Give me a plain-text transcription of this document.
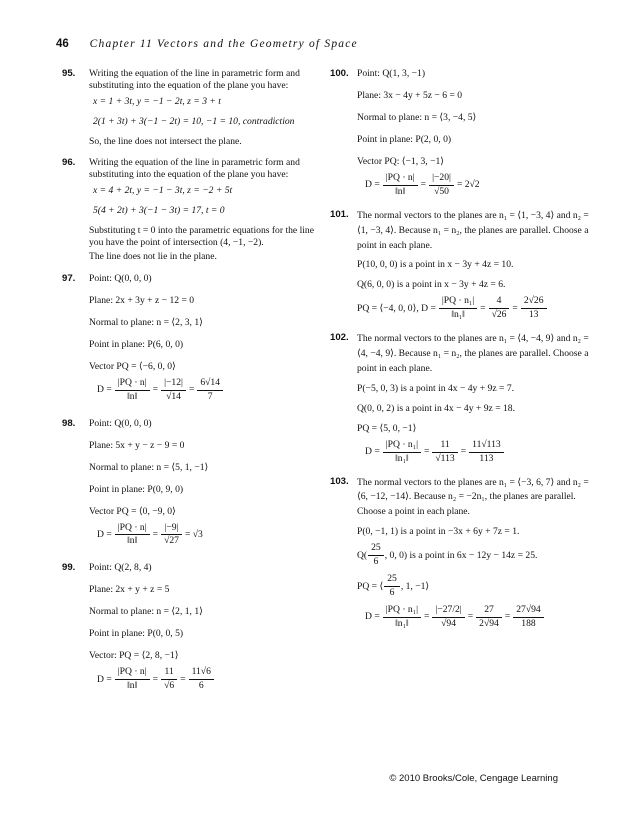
46 Chapter 11 Vectors and the Geometry of Space
95. Writing the equation of the line in parametric form and substituting into the equation of the plane you have:
x = 1 + 3t, y = −1 − 2t, z = 3 + t
2(1 + 3t) + 3(−1 − 2t) = 10, −1 = 10, contradiction
So, the line does not intersect the plane.
96. Writing the equation of the line in parametric form and substituting into the equation of the plane you have:
x = 4 + 2t, y = −1 − 3t, z = −2 + 5t
5(4 + 2t) + 3(−1 − 3t) = 17, t = 0
Substituting t = 0 into the parametric equations for the line you have the point of intersection (4, −1, −2).
The line does not lie in the plane.
97. Point: Q(0, 0, 0)
Plane: 2x + 3y + z − 12 = 0
Normal to plane: n = ⟨2, 3, 1⟩
Point in plane: P(6, 0, 0)
Vector PQ = ⟨−6, 0, 0⟩
$D = \frac{|PQ \cdot n|}{‖n‖} = \frac{|-12|}{√14} = \frac{6√14}{7}$
98. Point: Q(0, 0, 0)
Plane: 5x + y − z − 9 = 0
Normal to plane: n = ⟨5, 1, −1⟩
Point in plane: P(0, 9, 0)
Vector PQ = ⟨0, −9, 0⟩
$D = \frac{|PQ \cdot n|}{‖n‖} = \frac{|-9|}{√27} = √3$
99. Point: Q(2, 8, 4)
Plane: 2x + y + z = 5
Normal to plane: n = ⟨2, 1, 1⟩
Point in plane: P(0, 0, 5)
Vector: PQ = ⟨2, 8, −1⟩
$D = \frac{|PQ \cdot n|}{‖n‖} = \frac{11}{√6} = \frac{11√6}{6}$
100. Point: Q(1, 3, −1)
Plane: 3x − 4y + 5z − 6 = 0
Normal to plane: n = ⟨3, −4, 5⟩
Point in plane: P(2, 0, 0)
Vector PQ: ⟨−1, 3, −1⟩
$D = \frac{|PQ \cdot n|}{‖n‖} = \frac{|-20|}{√50} = 2√2$
101. The normal vectors to the planes are n₁ = ⟨1, −3, 4⟩ and n₂ = ⟨1, −3, 4⟩. Because n₁ = n₂, the planes are parallel. Choose a point in each plane.
P(10, 0, 0) is a point in x − 3y + 4z = 10.
Q(6, 0, 0) is a point in x − 3y + 4z = 6.
PQ = ⟨−4, 0, 0⟩, $D = \frac{\text{|PQ · n₁|}}{\text{‖n₁‖}} = \frac{4}{√26} = \frac{2√26}{13}$
102. The normal vectors to the planes are n₁ = ⟨4, −4, 9⟩ and n₂ = ⟨4, −4, 9⟩. Because n₁ = n₂, the planes are parallel. Choose a point in each plane.
P(−5, 0, 3) is a point in 4x − 4y + 9z = 7.
Q(0, 0, 2) is a point in 4x − 4y + 9z = 18.
PQ = ⟨5, 0, −1⟩
$D = \frac{\text{|PQ · n₁|}}{\text{‖n₁‖}} = \frac{11}{√113} = \frac{11√113}{113}$
103. The normal vectors to the planes are n₁ = ⟨−3, 6, 7⟩ and n₂ = ⟨6, −12, −14⟩. Because n₂ = −2n₁, the planes are parallel. Choose a point in each plane.
P(0, −1, 1) is a point in −3x + 6y + 7z = 1.
$Q( \frac{25}{6}$ , 0, 0) is a point in 6x − 12y − 14z = 25.
PQ = ⟨ $\frac{25}{6}$ , 1, −1⟩
$D = \frac{\text{|PQ · n₁|}}{\text{‖n₁‖}} = \frac{|-27/2|}{√94} = \frac{27}{2√94} = \frac{27√94}{188}$
© 2010 Brooks/Cole, Cengage Learning
